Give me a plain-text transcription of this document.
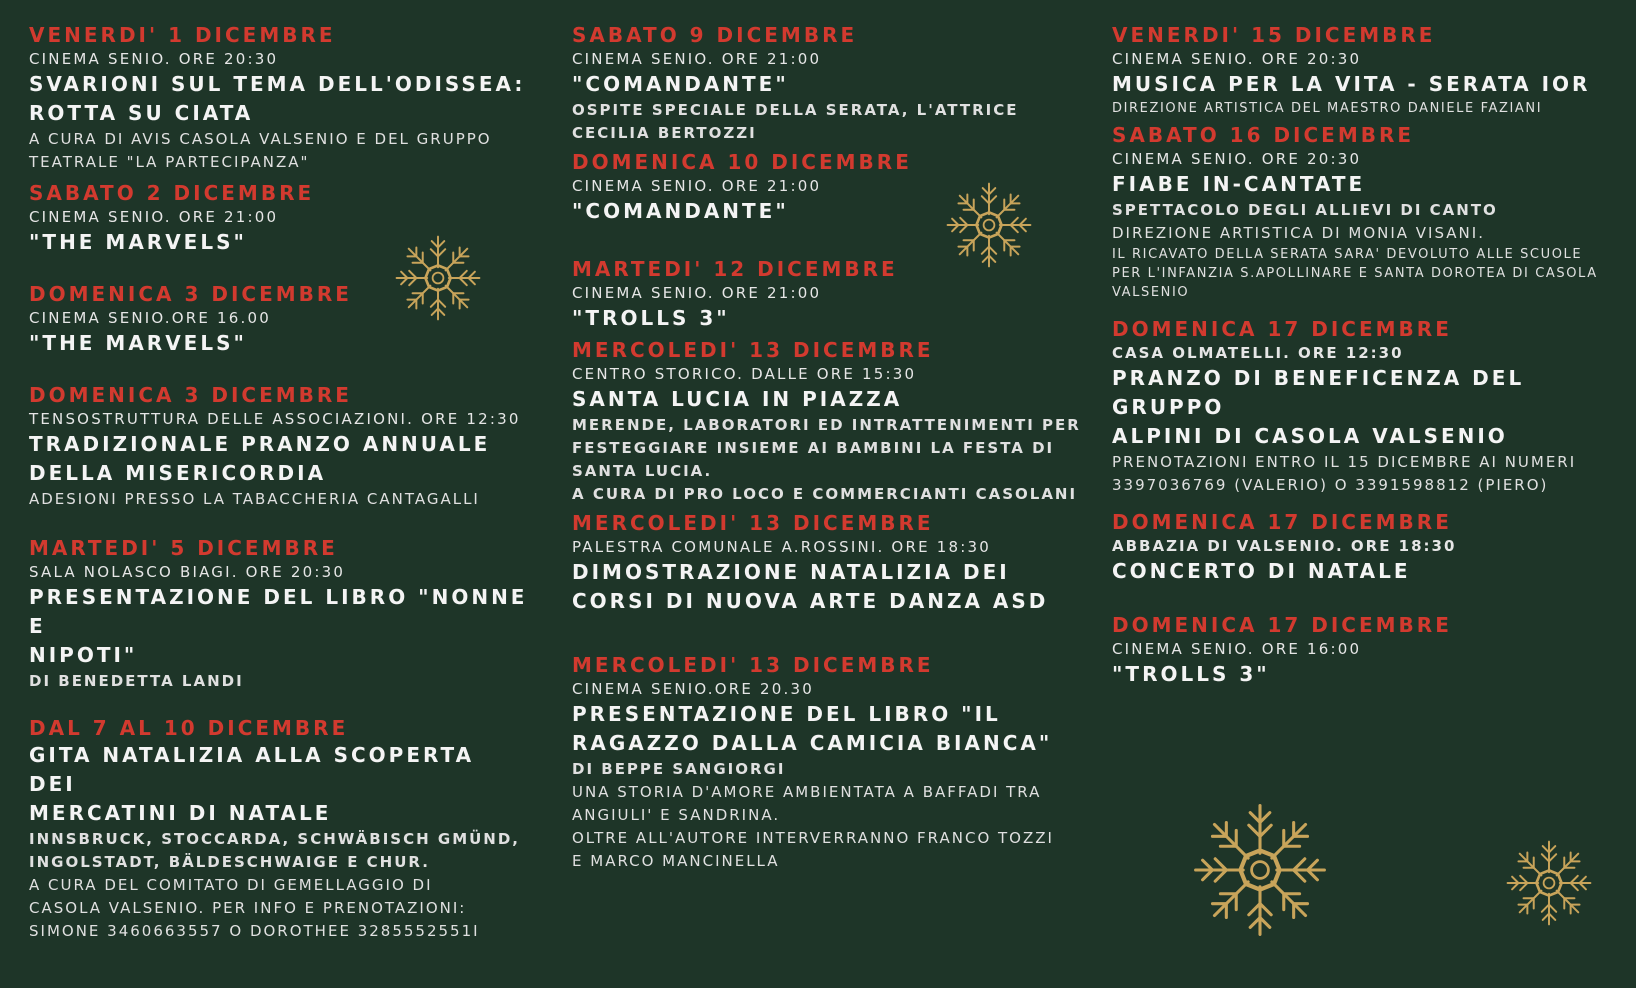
VENERDI' 1 DICEMBRE
CINEMA SENIO. ORE 20:30
SVARIONI SUL TEMA DELL'ODISSEA:
ROTTA SU CIATA
A CURA DI AVIS CASOLA VALSENIO E DEL GRUPPO
TEATRALE "LA PARTECIPANZA"
SABATO 2 DICEMBRE
CINEMA SENIO. ORE 21:00
"THE MARVELS"
DOMENICA 3 DICEMBRE
CINEMA SENIO.ORE 16.00
"THE MARVELS"
DOMENICA 3 DICEMBRE
TENSOSTRUTTURA DELLE ASSOCIAZIONI. ORE 12:30
TRADIZIONALE PRANZO ANNUALE
DELLA MISERICORDIA
ADESIONI PRESSO LA TABACCHERIA CANTAGALLI
MARTEDI' 5 DICEMBRE
SALA NOLASCO BIAGI. ORE 20:30
PRESENTAZIONE DEL LIBRO "NONNE E
NIPOTI"
DI BENEDETTA LANDI
DAL 7 AL 10 DICEMBRE
GITA NATALIZIA ALLA SCOPERTA DEI
MERCATINI DI NATALE
INNSBRUCK, STOCCARDA, SCHWÄBISCH GMÜND,
INGOLSTADT, BÄLDESCHWAIGE E CHUR.
A CURA DEL COMITATO DI GEMELLAGGIO DI
CASOLA VALSENIO. PER INFO E PRENOTAZIONI:
SIMONE 3460663557 O DOROTHEE 3285552551I
SABATO 9 DICEMBRE
CINEMA SENIO. ORE 21:00
"COMANDANTE"
OSPITE SPECIALE DELLA SERATA, L'ATTRICE
CECILIA BERTOZZI
DOMENICA 10 DICEMBRE
CINEMA SENIO. ORE 21:00
"COMANDANTE"
MARTEDI' 12 DICEMBRE
CINEMA SENIO. ORE 21:00
"TROLLS 3"
MERCOLEDI' 13 DICEMBRE
CENTRO STORICO. DALLE ORE 15:30
SANTA LUCIA IN PIAZZA
MERENDE, LABORATORI ED INTRATTENIMENTI PER
FESTEGGIARE INSIEME AI BAMBINI LA FESTA DI
SANTA LUCIA.
A CURA DI PRO LOCO E COMMERCIANTI CASOLANI
MERCOLEDI' 13 DICEMBRE
PALESTRA COMUNALE A.ROSSINI. ORE 18:30
DIMOSTRAZIONE NATALIZIA DEI
CORSI DI NUOVA ARTE DANZA ASD
MERCOLEDI' 13 DICEMBRE
CINEMA SENIO.ORE 20.30
PRESENTAZIONE DEL LIBRO "IL
RAGAZZO DALLA CAMICIA BIANCA"
DI BEPPE SANGIORGI
UNA STORIA D'AMORE AMBIENTATA A BAFFADI TRA
ANGIULI' E SANDRINA.
OLTRE ALL'AUTORE INTERVERRANNO FRANCO TOZZI
E MARCO MANCINELLA
VENERDI' 15 DICEMBRE
CINEMA SENIO. ORE 20:30
MUSICA PER LA VITA - SERATA IOR
DIREZIONE ARTISTICA DEL MAESTRO DANIELE FAZIANI
SABATO 16 DICEMBRE
CINEMA SENIO. ORE 20:30
FIABE IN-CANTATE
SPETTACOLO DEGLI ALLIEVI DI CANTO
DIREZIONE ARTISTICA DI MONIA VISANI.
IL RICAVATO DELLA SERATA SARA' DEVOLUTO ALLE SCUOLE
PER L'INFANZIA S.APOLLINARE E SANTA DOROTEA DI CASOLA
VALSENIO
DOMENICA 17 DICEMBRE
CASA OLMATELLI. ORE 12:30
PRANZO DI BENEFICENZA DEL GRUPPO
ALPINI DI CASOLA VALSENIO
PRENOTAZIONI ENTRO IL 15 DICEMBRE AI NUMERI
3397036769 (VALERIO) O 3391598812 (PIERO)
DOMENICA 17 DICEMBRE
ABBAZIA DI VALSENIO. ORE 18:30
CONCERTO DI NATALE
DOMENICA 17 DICEMBRE
CINEMA SENIO. ORE 16:00
"TROLLS 3"
